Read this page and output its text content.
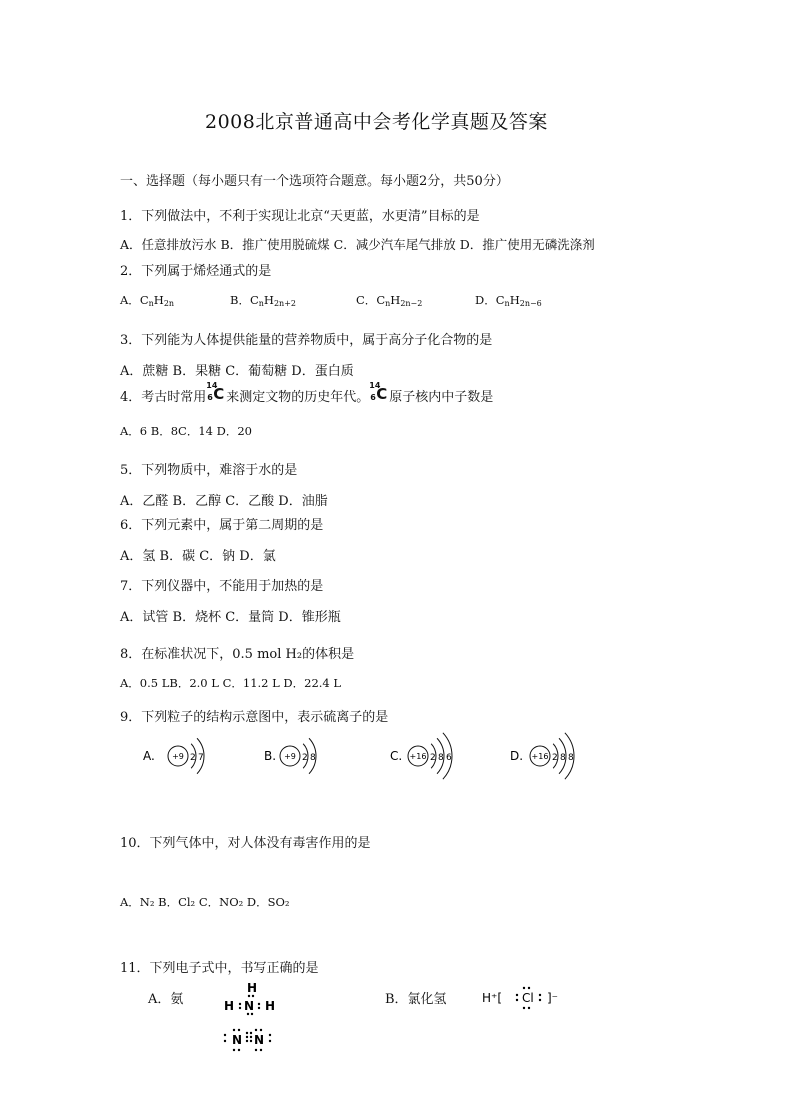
2008北京普通高中会考化学真题及答案
一、选择题（每小题只有一个选项符合题意。每小题2分，共50分）
1．下列做法中，不利于实现让北京“天更蓝，水更清”目标的是
A．任意排放污水 B．推广使用脱硫煤 C．减少汽车尾气排放 D．推广使用无磷洗涤剂
2．下列属于烯烃通式的是
A．$C_nH_{2n}$	B．$C_nH_{2n+2}$	C．$C_nH_{2n-2}$	D．$C_nH_{2n-6}$
3．下列能为人体提供能量的营养物质中，属于高分子化合物的是
A．蔗糖 B．果糖 C．葡萄糖 D．蛋白质
4．考古时常用
14
6 C 来测定文物的历史年代。
14
6 C 原子核内中子数是
A．6 B．8C．14 D．20
5．下列物质中，难溶于水的是
A．乙醛 B．乙醇 C．乙酸 D．油脂
6．下列元素中，属于第二周期的是
A．氢 B．碳 C．钠 D．氯
7．下列仪器中，不能用于加热的是
A．试管 B．烧杯 C．量筒 D．锥形瓶
8．在标准状况下，0.5 mol H₂的体积是
A．0.5 LB．2.0 L C．11.2 L D．22.4 L
9．下列粒子的结构示意图中，表示硫离子的是
A. +9 2 7	B. +9 2 8	C. +16 2 8 6	D. +16 2 8 8
10．下列气体中，对人体没有毒害作用的是
A．N₂ B．Cl₂ C．NO₂ D．SO₂
11．下列电子式中，书写正确的是
A．氨	B．氯化氢
H
H N H
N N
H⁺[ Cl ]⁻
